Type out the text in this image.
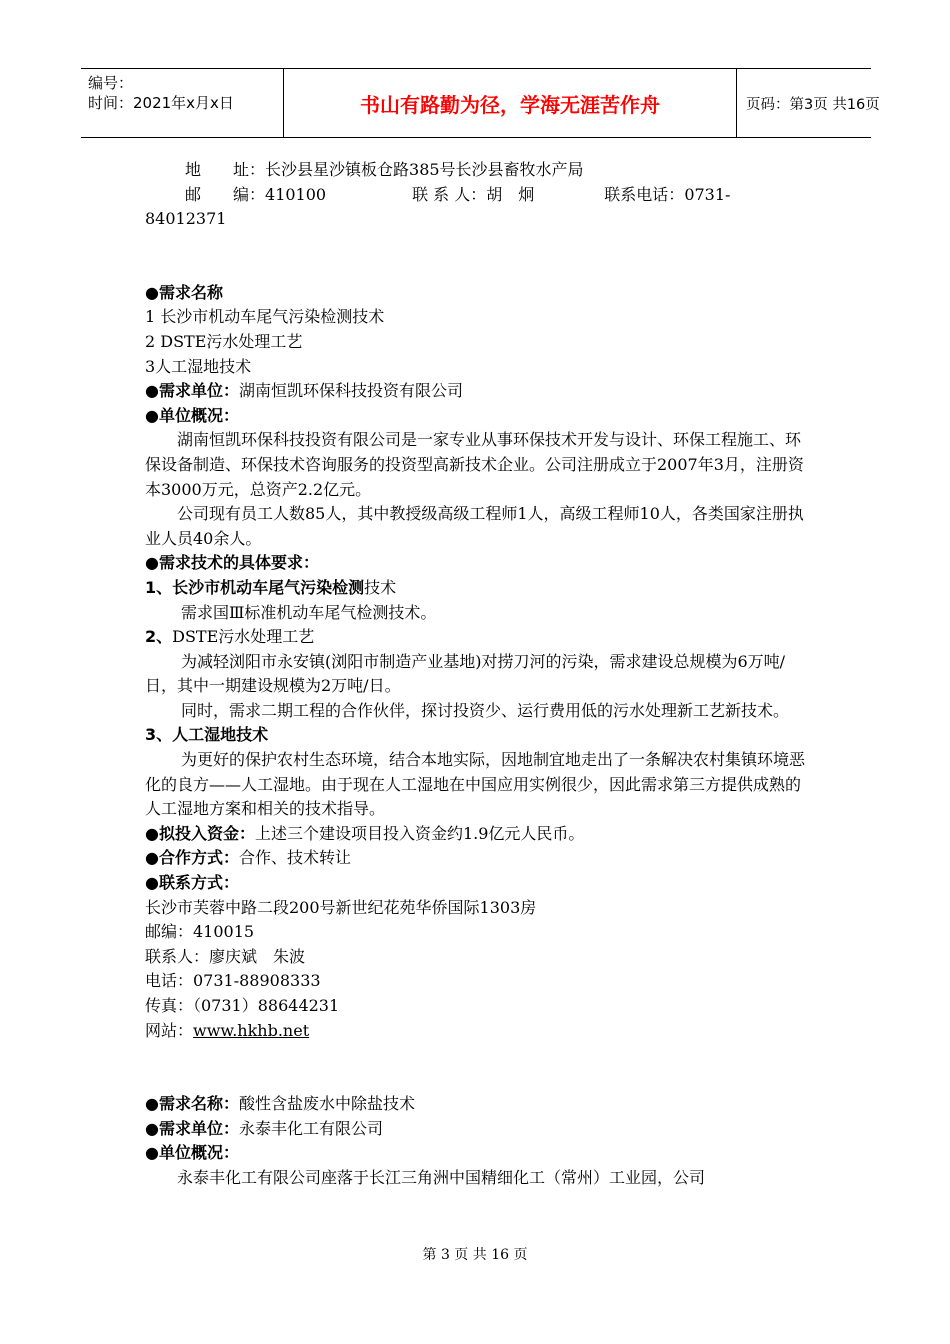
编号：
时间：2021年x月x日	书山有路勤为径，学海无涯苦作舟	页码：第3页 共16页

地　　址：长沙县星沙镇板仓路385号长沙县畜牧水产局

邮　　编：410100	联 系 人：胡　炯	联系电话：0731-

84012371

●需求名称

1 长沙市机动车尾气污染检测技术

2 DSTE污水处理工艺

3人工湿地技术

●需求单位：湖南恒凯环保科技投资有限公司

●单位概况：

湖南恒凯环保科技投资有限公司是一家专业从事环保技术开发与设计、环保工程施工、环保设备制造、环保技术咨询服务的投资型高新技术企业。公司注册成立于2007年3月，注册资本3000万元，总资产2.2亿元。

公司现有员工人数85人，其中教授级高级工程师1人，高级工程师10人，各类国家注册执业人员40余人。

●需求技术的具体要求：

1、长沙市机动车尾气污染检测技术

需求国Ⅲ标准机动车尾气检测技术。

2、DSTE污水处理工艺

为减轻浏阳市永安镇(浏阳市制造产业基地)对捞刀河的污染，需求建设总规模为6万吨/日，其中一期建设规模为2万吨/日。

同时，需求二期工程的合作伙伴，探讨投资少、运行费用低的污水处理新工艺新技术。

3、人工湿地技术

为更好的保护农村生态环境，结合本地实际，因地制宜地走出了一条解决农村集镇环境恶化的良方——人工湿地。由于现在人工湿地在中国应用实例很少，因此需求第三方提供成熟的人工湿地方案和相关的技术指导。

●拟投入资金：上述三个建设项目投入资金约1.9亿元人民币。

●合作方式：合作、技术转让

●联系方式：

长沙市芙蓉中路二段200号新世纪花苑华侨国际1303房

邮编：410015

联系人：廖庆斌　朱波

电话：0731-88908333

传真：（0731）88644231

网站：www.hkhb.net

●需求名称：酸性含盐废水中除盐技术

●需求单位：永泰丰化工有限公司

●单位概况：

永泰丰化工有限公司座落于长江三角洲中国精细化工（常州）工业园，公司

第 3 页 共 16 页
